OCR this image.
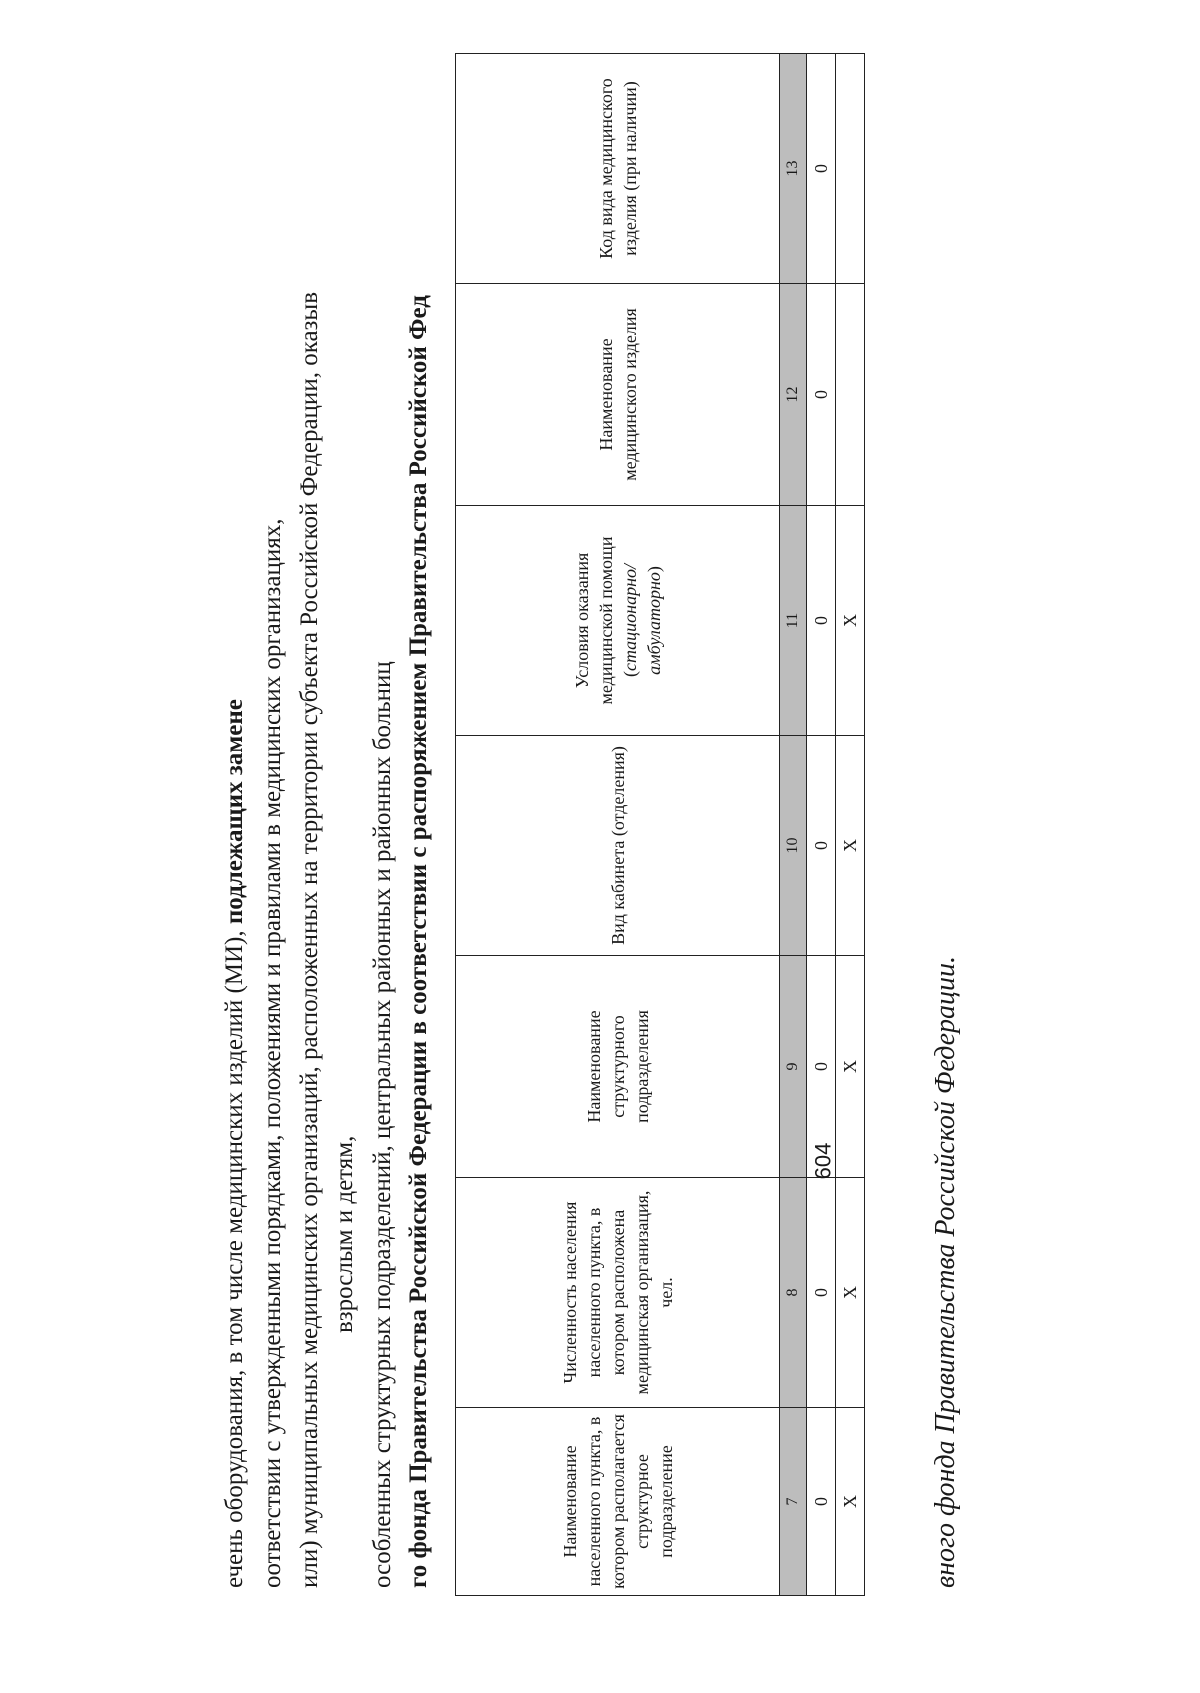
ечень оборудования, в том числе медицинских изделий (МИ), подлежащих замене оответствии с утвержденными порядками, положениями и правилами в медицинских организациях, или) муниципальных медицинских организаций, расположенных на территории субъекта Российской Федерации, оказыв взрослым и детям, особленных структурных подразделений, центральных районных и районных больниц го фонда Правительства Российской Федерации в соответствии с распоряжением Правительства Российской Фед	Наименование населенного пункта, в котором располагается структурное подразделение	Численность населения населенного пункта, в котором расположена медицинская организация, чел.	Наименование структурного подразделения	Вид кабинета (отделения)	Условия оказания медицинской помощи (стационарно/амбулаторно)	Наименование медицинского изделия	Код вида медицинского изделия (при наличии)
7	8	9	10	11	12	13
0	0	0	0	0	0	0
Х	Х	Х	Х	Х		
вного фонда Правительства Российской Федерации.
604
